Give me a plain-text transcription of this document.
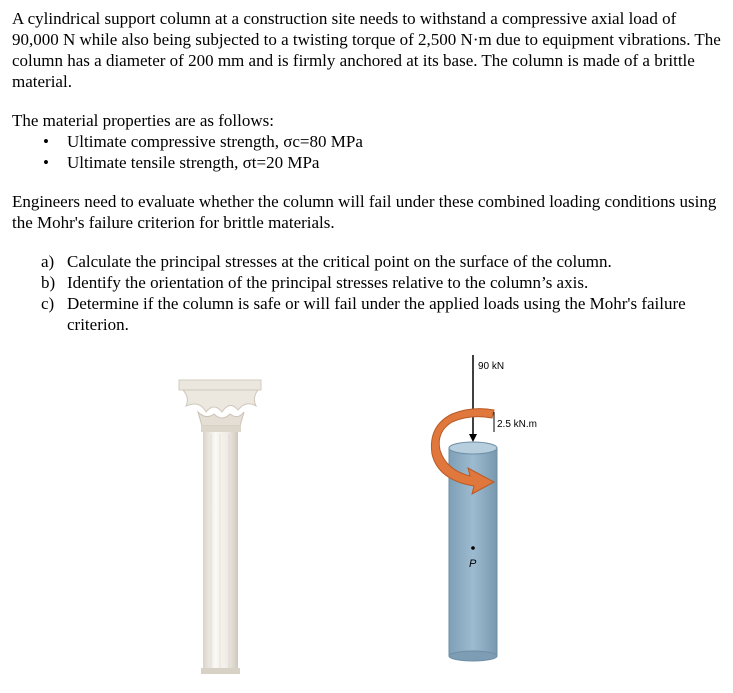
A cylindrical support column at a construction site needs to withstand a compressive axial load of 90,000 N while also being subjected to a twisting torque of 2,500 N·m due to equipment vibrations. The column has a diameter of 200 mm and is firmly anchored at its base. The column is made of a brittle material.

The material properties are as follows:

• Ultimate compressive strength, σc=80 MPa
• Ultimate tensile strength, σt=20 MPa

Engineers need to evaluate whether the column will fail under these combined loading conditions using the Mohr's failure criterion for brittle materials.

a) Calculate the principal stresses at the critical point on the surface of the column.
b) Identify the orientation of the principal stresses relative to the column’s axis.
c) Determine if the column is safe or will fail under the applied loads using the Mohr's failure criterion.
90 kN
2.5 kN.m
P
